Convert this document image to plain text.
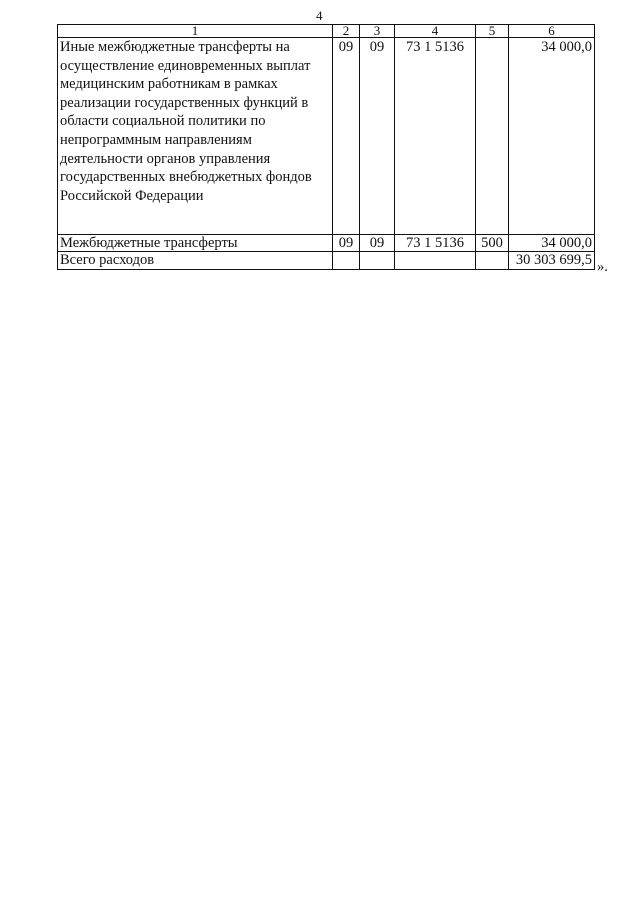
4
1	2	3	4	5	6
Иные межбюджетные трансферты на осуществление единовременных выплат медицинским работникам в рамках реализации государственных функций в области социальной политики по непрограммным направлениям деятельности органов управления государственных внебюджетных фондов Российской Федерации	09	09	73 1 5136		34 000,0
Межбюджетные трансферты	09	09	73 1 5136	500	34 000,0
Всего расходов					30 303 699,5 ».
